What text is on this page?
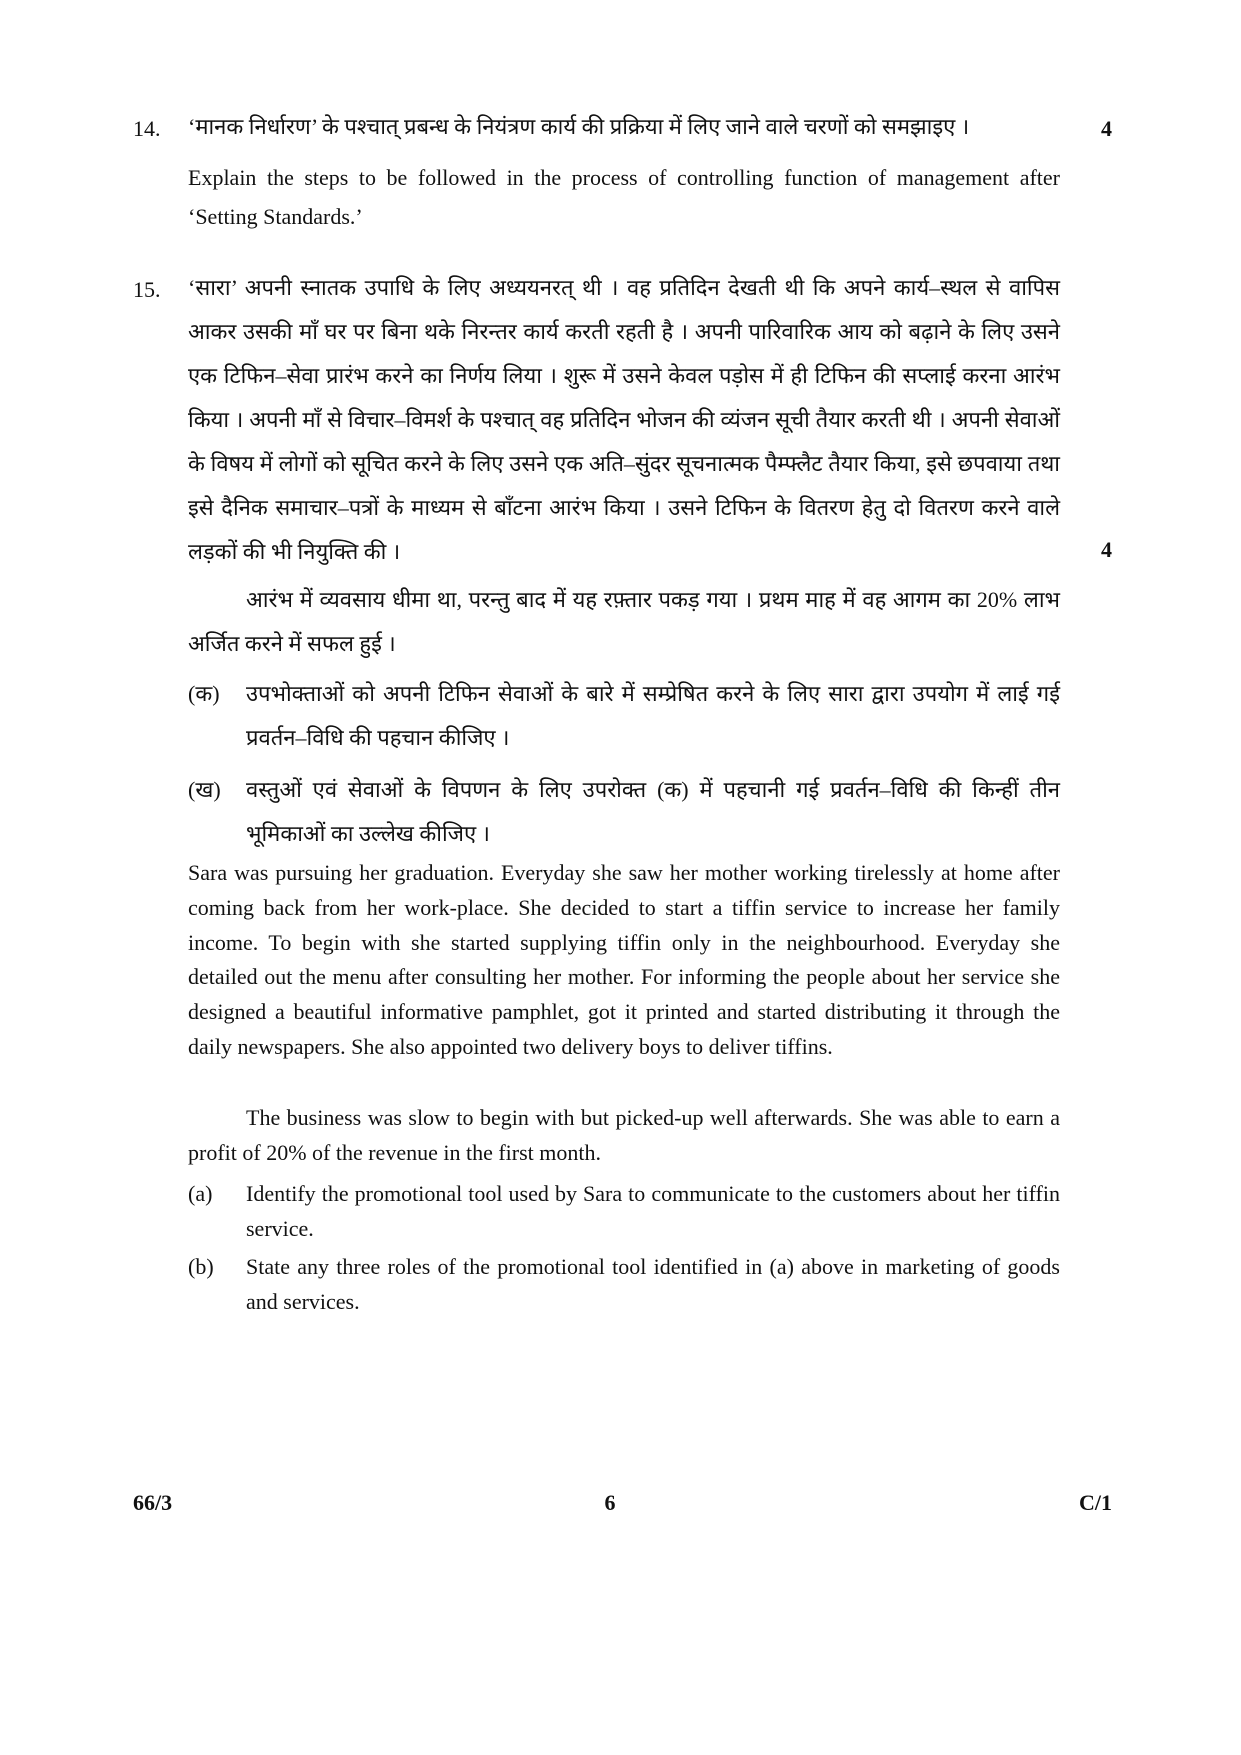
14.	‘मानक निर्धारण’ के पश्चात् प्रबन्ध के नियंत्रण कार्य की प्रक्रिया में लिए जाने वाले चरणों को समझाइए ।	4
Explain the steps to be followed in the process of controlling function of management after ‘Setting Standards.’
15.	‘सारा’ अपनी स्नातक उपाधि के लिए अध्ययनरत् थी । वह प्रतिदिन देखती थी कि अपने कार्य–स्थल से वापिस आकर उसकी माँ घर पर बिना थके निरन्तर कार्य करती रहती है । अपनी पारिवारिक आय को बढ़ाने के लिए उसने एक टिफिन–सेवा प्रारंभ करने का निर्णय लिया । शुरू में उसने केवल पड़ोस में ही टिफिन की सप्लाई करना आरंभ किया । अपनी माँ से विचार–विमर्श के पश्चात् वह प्रतिदिन भोजन की व्यंजन सूची तैयार करती थी । अपनी सेवाओं के विषय में लोगों को सूचित करने के लिए उसने एक अति–सुंदर सूचनात्मक पैम्फ्लैट तैयार किया, इसे छपवाया तथा इसे दैनिक समाचार–पत्रों के माध्यम से बाँटना आरंभ किया । उसने टिफिन के वितरण हेतु दो वितरण करने वाले लड़कों की भी नियुक्ति की ।	4
आरंभ में व्यवसाय धीमा था, परन्तु बाद में यह रफ़्तार पकड़ गया । प्रथम माह में वह आगम का 20% लाभ अर्जित करने में सफल हुई ।
(क)	उपभोक्ताओं को अपनी टिफिन सेवाओं के बारे में सम्प्रेषित करने के लिए सारा द्वारा उपयोग में लाई गई प्रवर्तन–विधि की पहचान कीजिए ।
(ख)	वस्तुओं एवं सेवाओं के विपणन के लिए उपरोक्त (क) में पहचानी गई प्रवर्तन–विधि की किन्हीं तीन भूमिकाओं का उल्लेख कीजिए ।
Sara was pursuing her graduation. Everyday she saw her mother working tirelessly at home after coming back from her work-place. She decided to start a tiffin service to increase her family income. To begin with she started supplying tiffin only in the neighbourhood. Everyday she detailed out the menu after consulting her mother. For informing the people about her service she designed a beautiful informative pamphlet, got it printed and started distributing it through the daily newspapers. She also appointed two delivery boys to deliver tiffins.
The business was slow to begin with but picked-up well afterwards. She was able to earn a profit of 20% of the revenue in the first month.
(a)	Identify the promotional tool used by Sara to communicate to the customers about her tiffin service.
(b)	State any three roles of the promotional tool identified in (a) above in marketing of goods and services.
66/3	6	C/1
